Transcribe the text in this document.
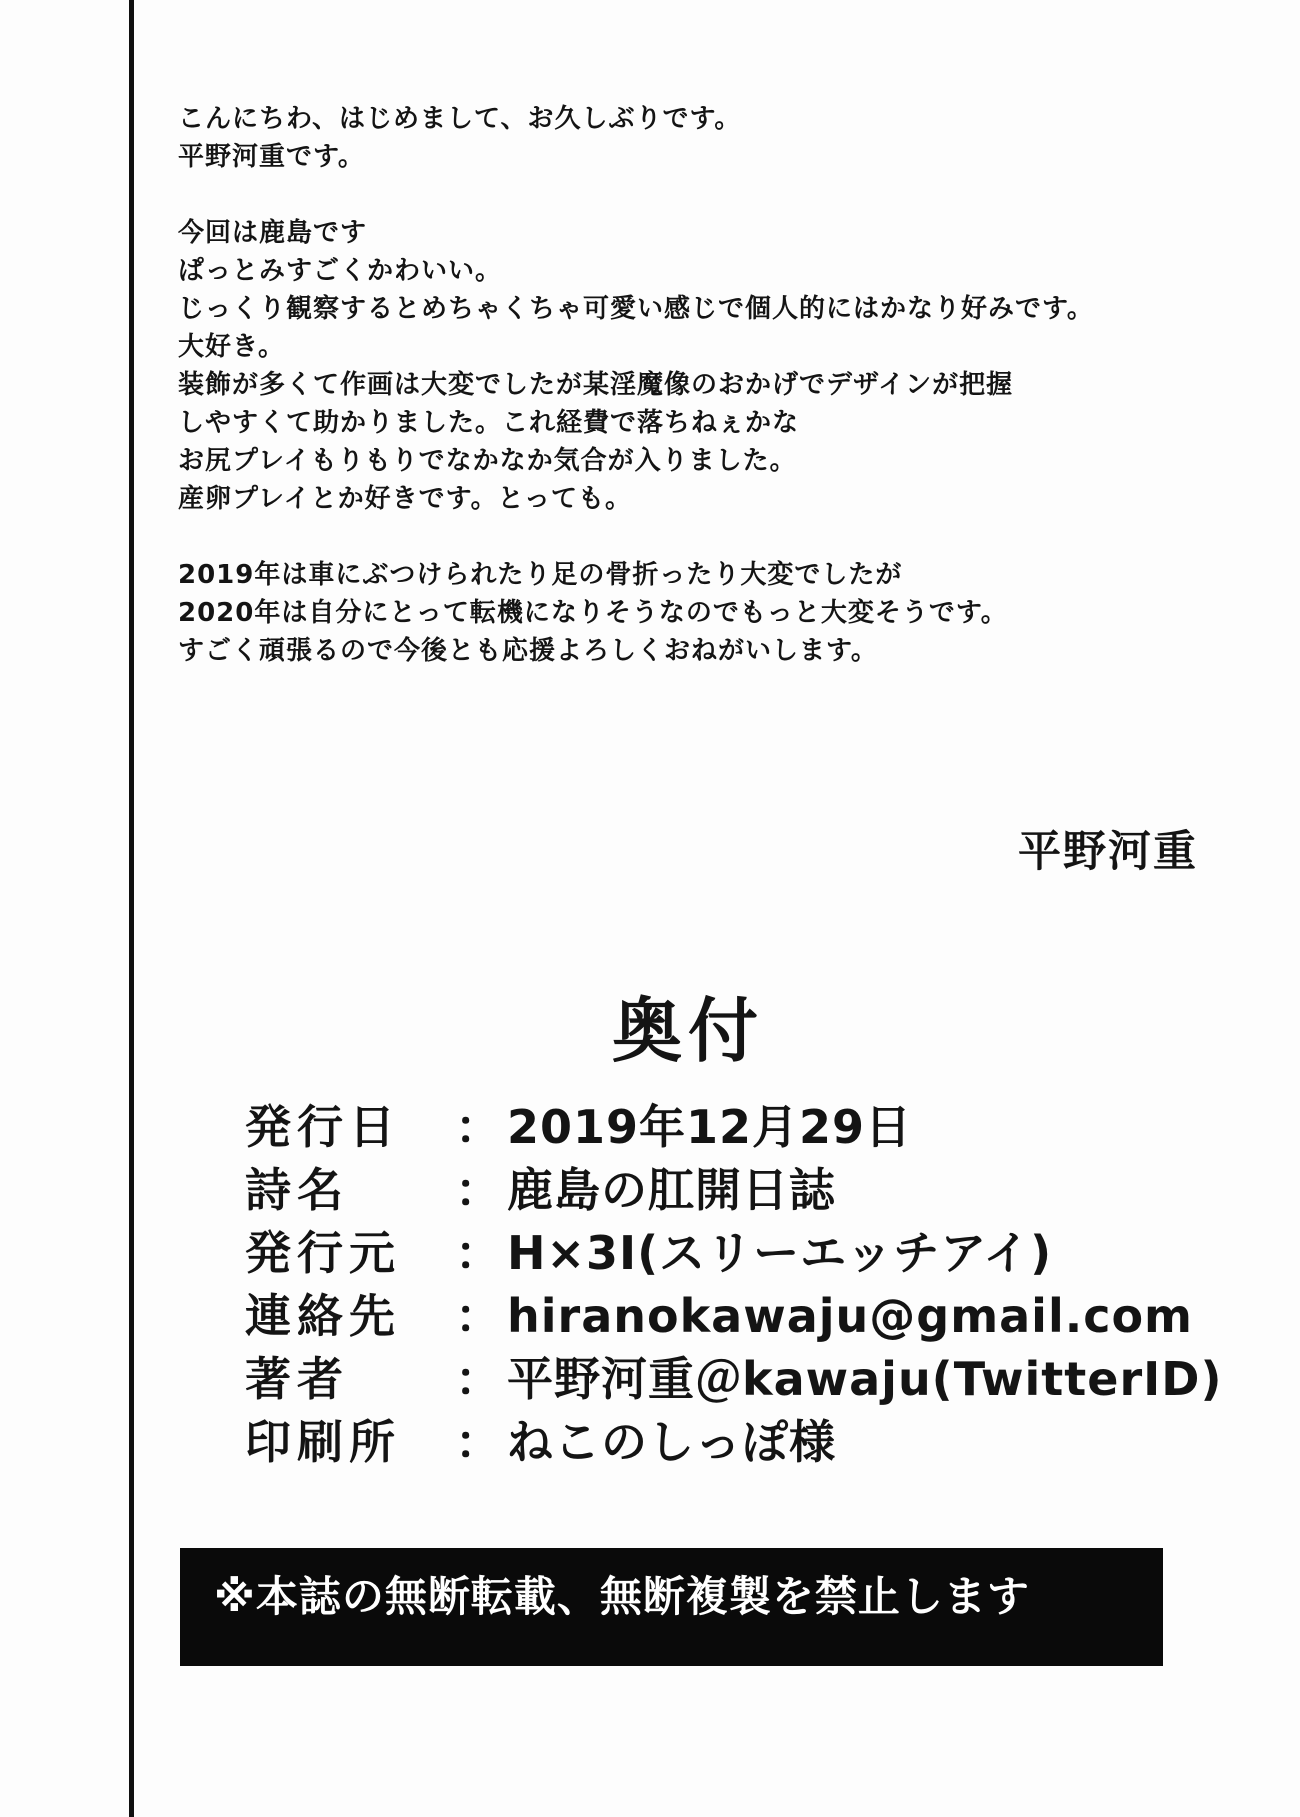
こんにちわ、はじめまして、お久しぶりです。
平野河重です。
今回は鹿島です
ぱっとみすごくかわいい。
じっくり観察するとめちゃくちゃ可愛い感じで個人的にはかなり好みです。
大好き。
装飾が多くて作画は大変でしたが某淫魔像のおかげでデザインが把握
しやすくて助かりました。これ経費で落ちねぇかな
お尻プレイもりもりでなかなか気合が入りました。
産卵プレイとか好きです。とっても。
2019年は車にぶつけられたり足の骨折ったり大変でしたが
2020年は自分にとって転機になりそうなのでもっと大変そうです。
すごく頑張るので今後とも応援よろしくおねがいします。
平野河重
奥付
発行日	： 2019年12月29日
詩名	： 鹿島の肛開日誌
発行元	： H×3I(スリーエッチアイ)
連絡先	： hiranokawaju@gmail.com
著者	： 平野河重＠kawaju(TwitterID)
印刷所	： ねこのしっぽ様
※本誌の無断転載、無断複製を禁止します
